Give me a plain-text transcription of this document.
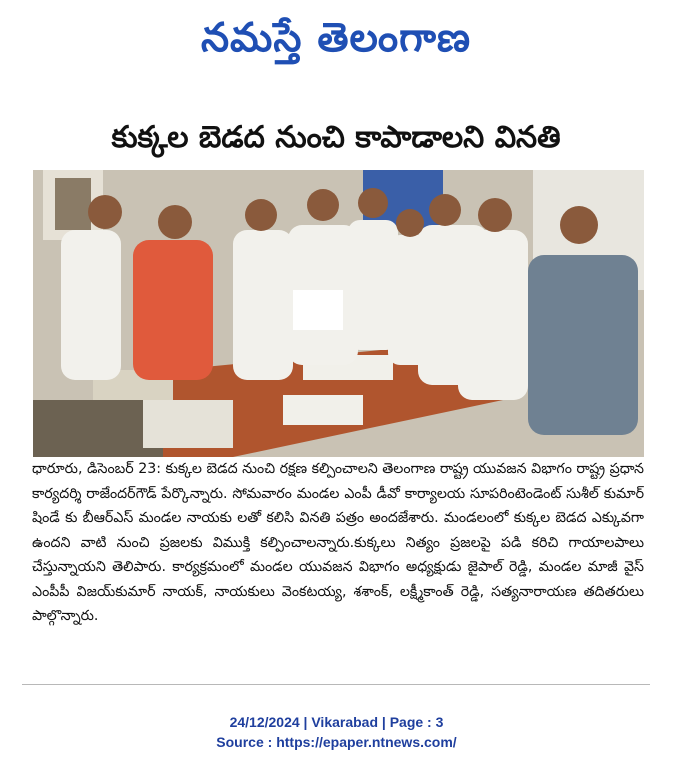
నమస్తే తెలంగాణ
కుక్కల బెడద నుంచి కాపాడాలని వినతి

ధారూరు, డిసెంబర్ 23: కుక్కల బెడద నుంచి రక్షణ కల్పించాలని తెలంగాణ రాష్ట్ర యువజన విభాగం రాష్ట్ర ప్రధాన కార్యదర్శి రాజేందర్‌గౌడ్ పేర్కొన్నారు. సోమవారం మండల ఎంపీ డీవో కార్యాలయ సూపరింటెండెంట్ సుశీల్ కుమార్ షిండే కు బీఆర్ఎస్ మండల నాయకు లతో కలిసి వినతి పత్రం అందజేశారు. మండలంలో కుక్కల బెడద ఎక్కువగా ఉందని వాటి నుంచి ప్రజలకు విముక్తి కల్పించాలన్నారు.కుక్కలు నిత్యం ప్రజలపై పడి కరిచి గాయాలపాలు చేస్తున్నాయని తెలిపారు. కార్యక్రమంలో మండల యువజన విభాగం అధ్యక్షుడు జైపాల్ రెడ్డి, మండల మాజీ వైస్ ఎంపీపీ విజయ్‌కుమార్ నాయక్, నాయకులు వెంకటయ్య, శశాంక్, లక్ష్మీకాంత్ రెడ్డి, సత్యనారాయణ తదితరులు పాల్గొన్నారు.

24/12/2024 | Vikarabad | Page : 3
Source : https://epaper.ntnews.com/
